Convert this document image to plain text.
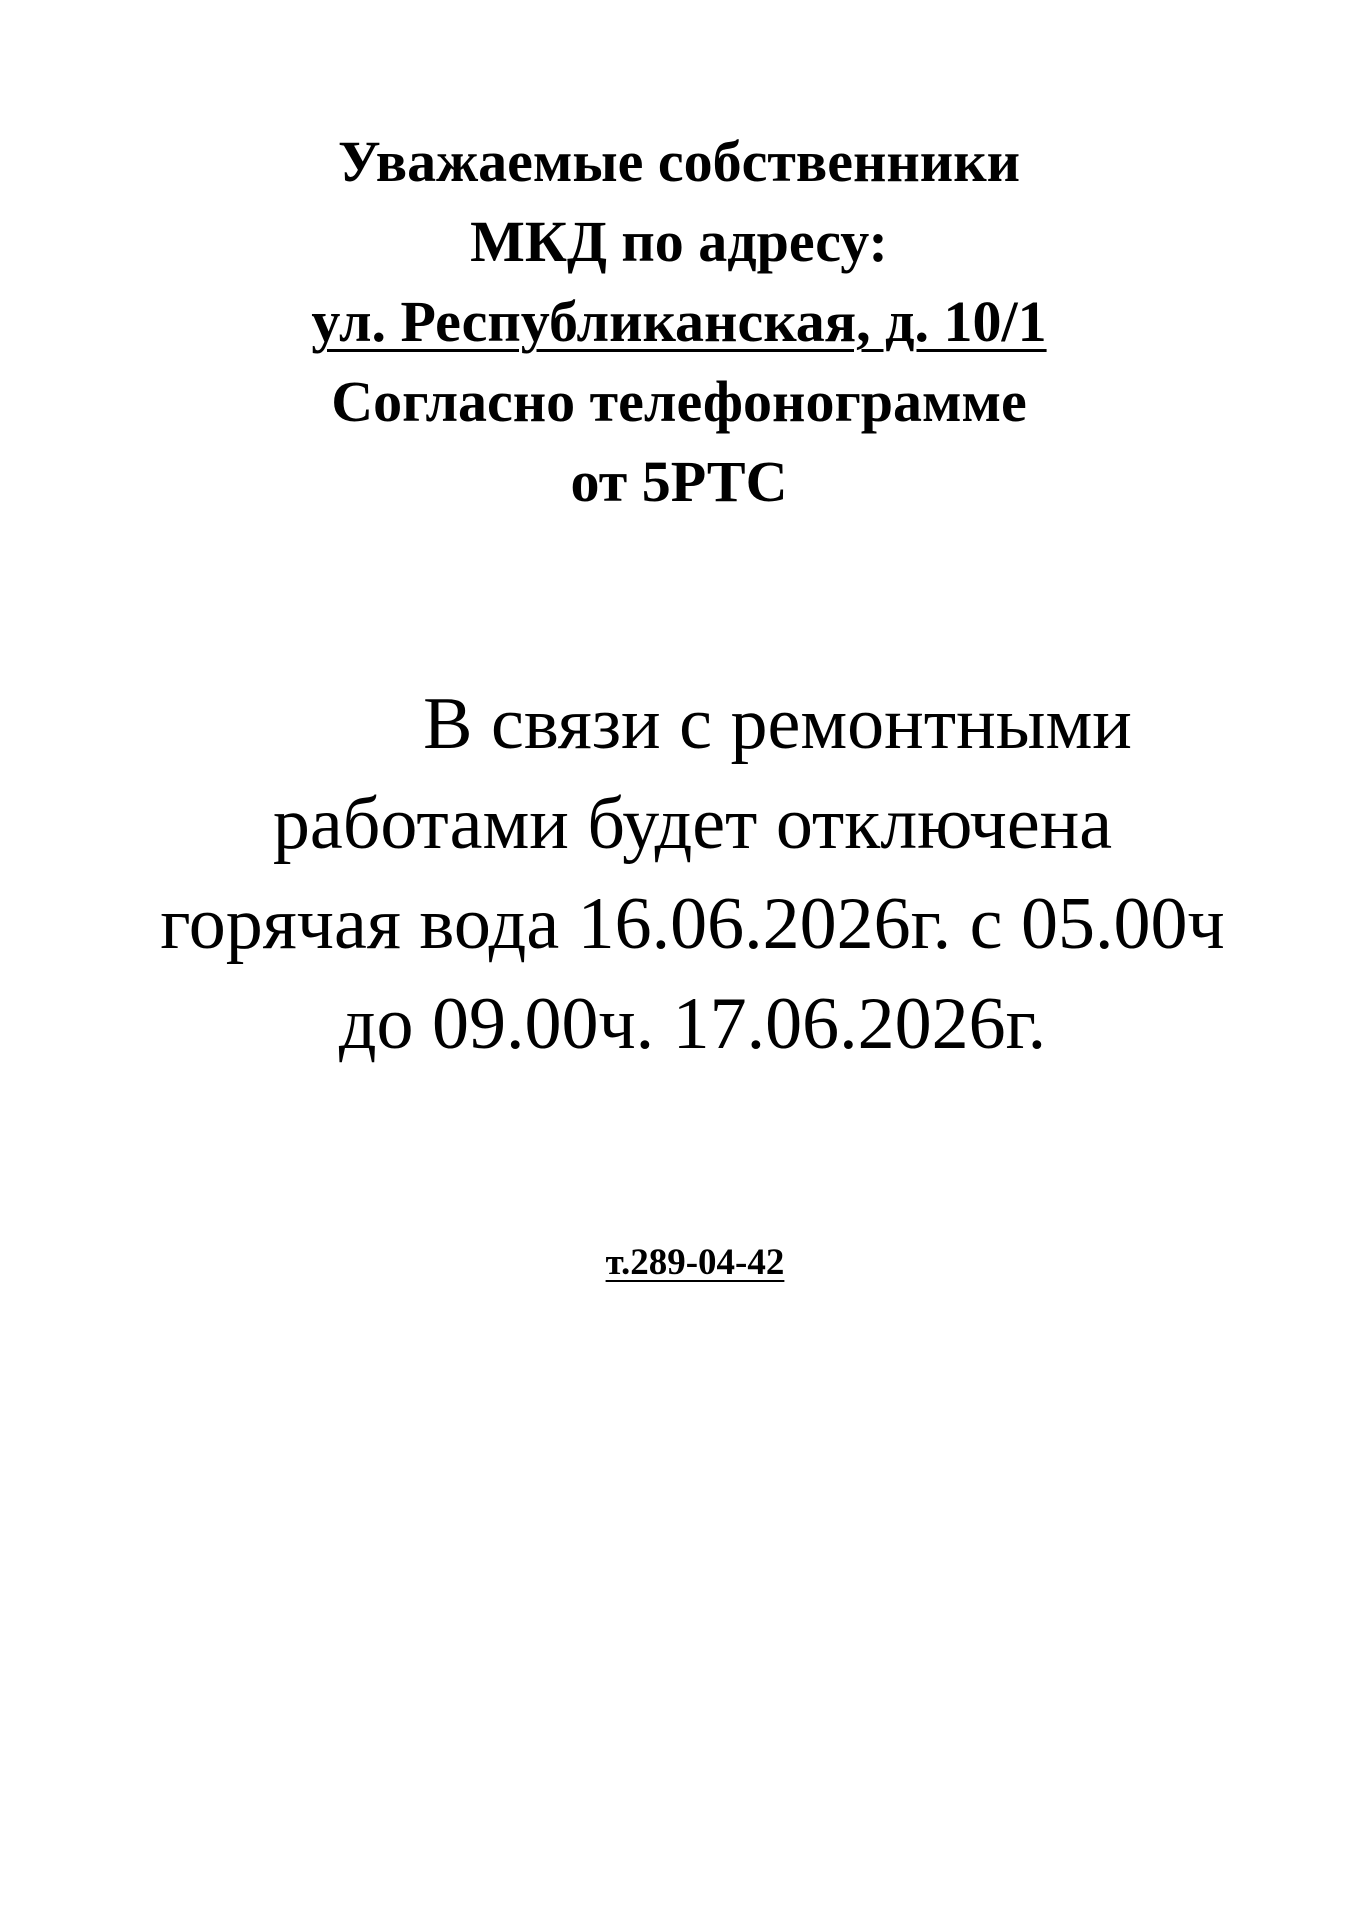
Уважаемые собственники
МКД по адресу:
ул. Республиканская, д. 10/1
Согласно телефонограмме
от 5РТС
В связи с ремонтными
работами будет отключена
горячая вода 16.06.2026г. с 05.00ч
до 09.00ч. 17.06.2026г.
т.289-04-42
